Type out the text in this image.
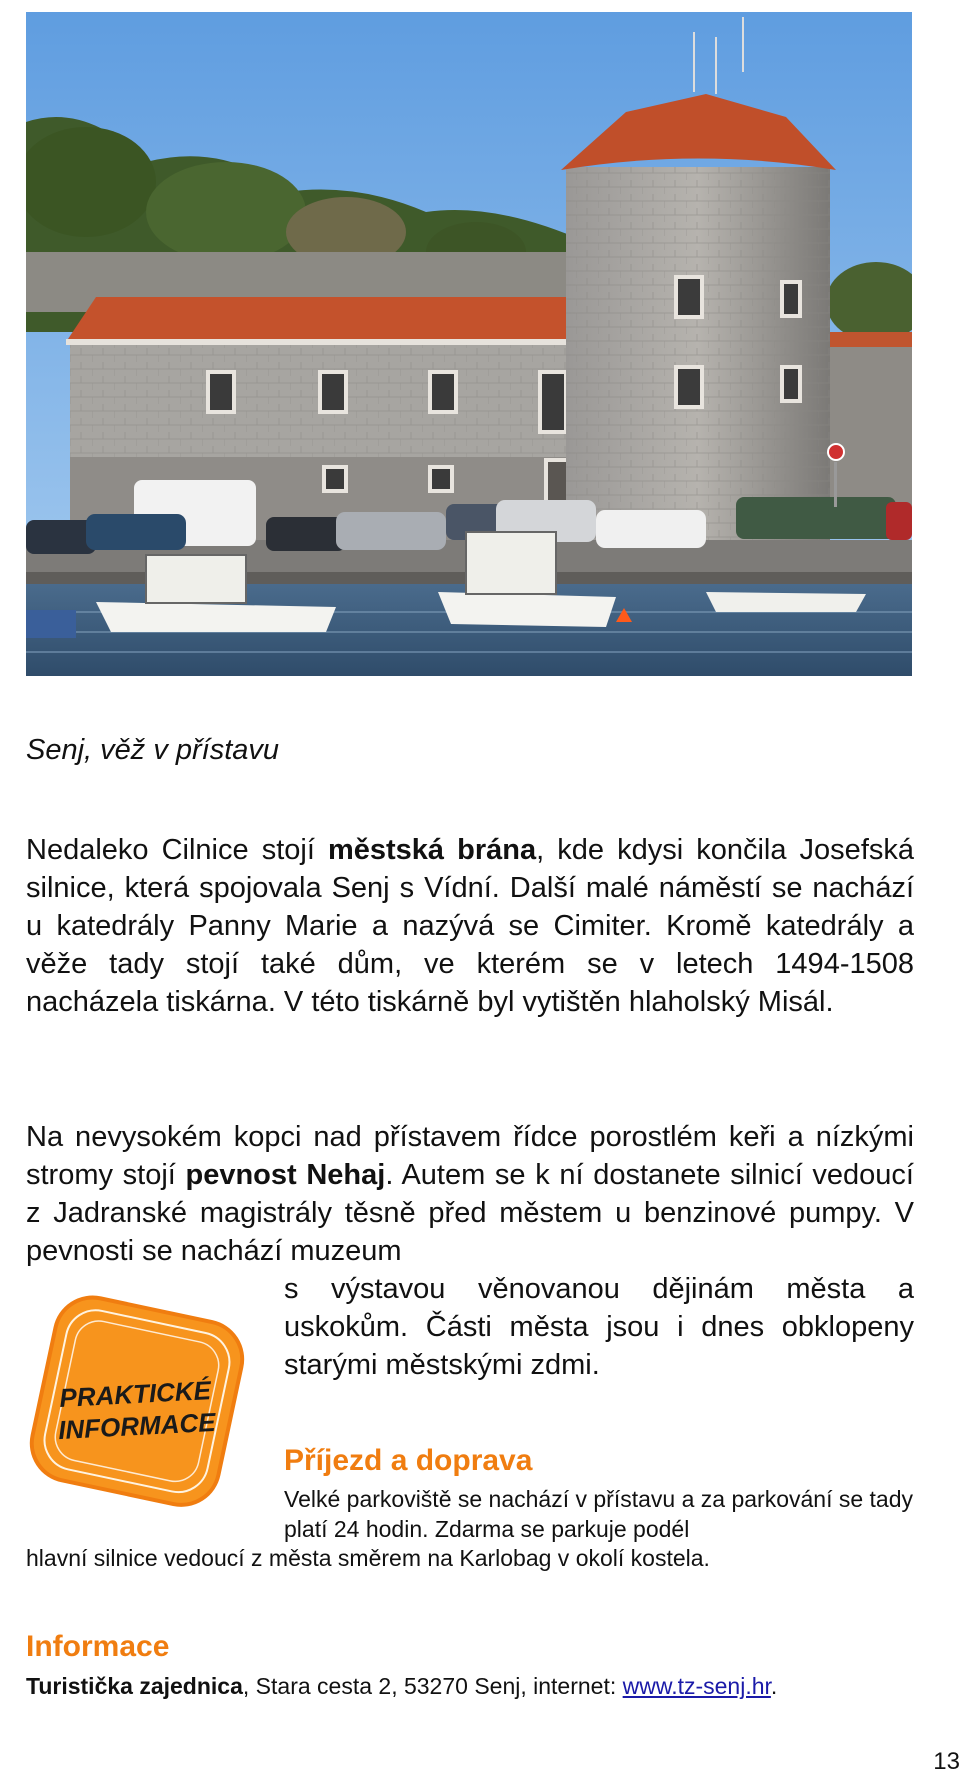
Senj, věž v přístavu

Nedaleko Cilnice stojí městská brána, kde kdysi končila Josefská silnice, která spojovala Senj s Vídní. Další malé náměstí se nachází u katedrály Panny Marie a nazývá se Cimiter. Kromě katedrály a věže tady stojí také dům, ve kterém se v letech 1494-1508 nacházela tiskárna. V této tiskárně byl vytištěn hlaholský Misál.

Na nevysokém kopci nad přístavem řídce porostlém keři a nízkými stromy stojí pevnost Nehaj. Autem se k ní dostanete silnicí vedoucí z Jadranské magistrály těsně před městem u benzinové pumpy. V pevnosti se nachází muzeum

s výstavou věnovanou dějinám města a uskokům. Části města jsou i dnes obklopeny starými městskými zdmi.

PRAKTICKÉ
INFORMACE
Příjezd a doprava
Velké parkoviště se nachází v přístavu a za parkování se tady platí 24 hodin. Zdarma se parkuje podél
hlavní silnice vedoucí z města směrem na Karlobag v okolí kostela.
Informace
Turistička zajednica, Stara cesta 2, 53270 Senj, internet: www.tz-senj.hr.
13
